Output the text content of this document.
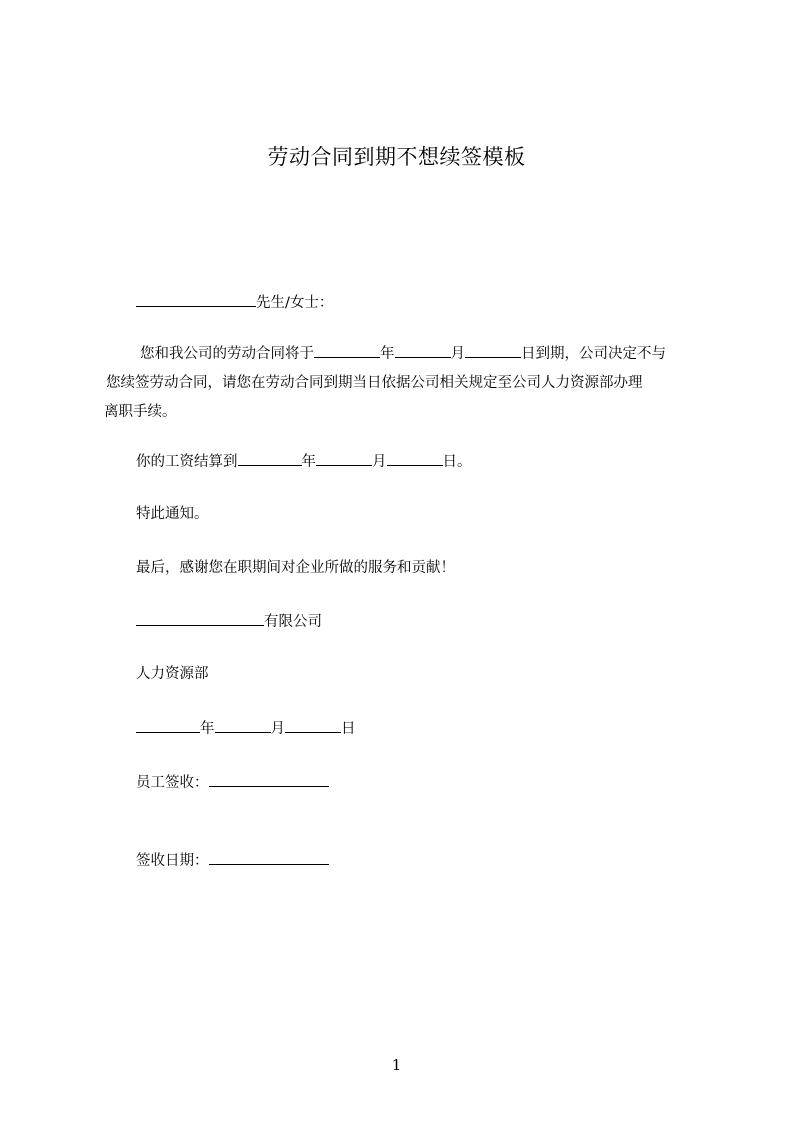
劳动合同到期不想续签模板
先生/女士：
您和我公司的劳动合同将于	年	月	日到期，公司决定不与
您续签劳动合同，请您在劳动合同到期当日依据公司相关规定至公司人力资源部办理
离职手续。
你的工资结算到	年	月	日。
特此通知。
最后，感谢您在职期间对企业所做的服务和贡献！
有限公司
人力资源部
年	月	日
员工签收：
签收日期：
1
